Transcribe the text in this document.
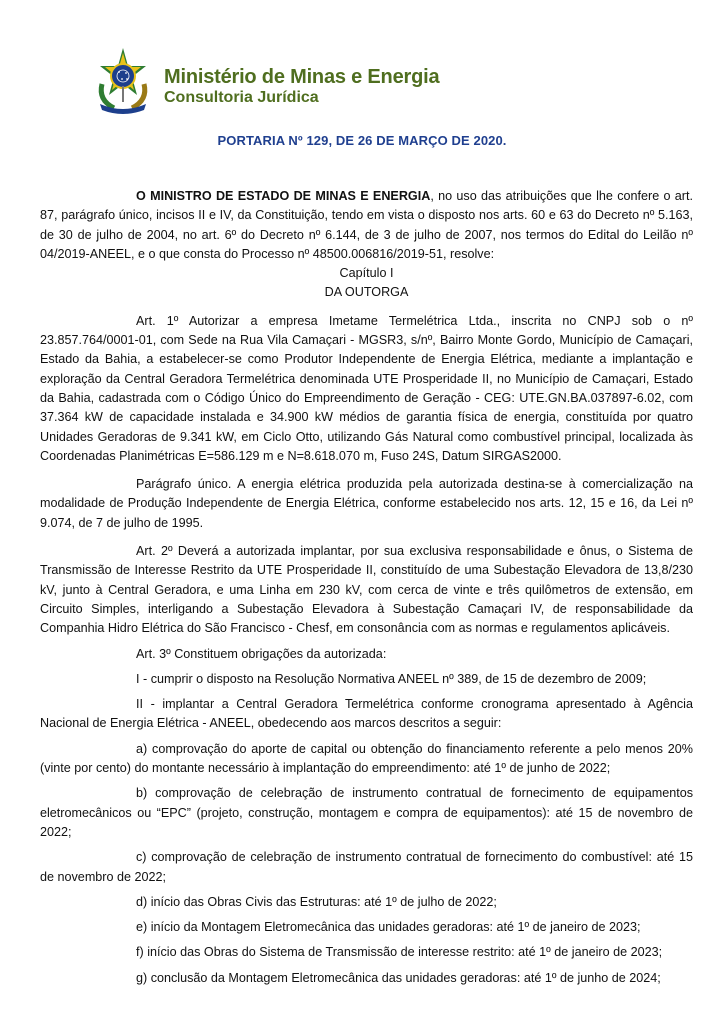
Ministério de Minas e Energia
Consultoria Jurídica
PORTARIA Nº 129, DE 26 DE MARÇO DE 2020.

O MINISTRO DE ESTADO DE MINAS E ENERGIA, no uso das atribuições que lhe confere o art. 87, parágrafo único, incisos II e IV, da Constituição, tendo em vista o disposto nos arts. 60 e 63 do Decreto nº 5.163, de 30 de julho de 2004, no art. 6º do Decreto nº 6.144, de 3 de julho de 2007, nos termos do Edital do Leilão nº 04/2019-ANEEL, e o que consta do Processo nº 48500.006816/2019-51, resolve:

Capítulo I

DA OUTORGA

Art. 1º Autorizar a empresa Imetame Termelétrica Ltda., inscrita no CNPJ sob o nº 23.857.764/0001-01, com Sede na Rua Vila Camaçari - MGSR3, s/nº, Bairro Monte Gordo, Município de Camaçari, Estado da Bahia, a estabelecer-se como Produtor Independente de Energia Elétrica, mediante a implantação e exploração da Central Geradora Termelétrica denominada UTE Prosperidade II, no Município de Camaçari, Estado da Bahia, cadastrada com o Código Único do Empreendimento de Geração - CEG: UTE.GN.BA.037897-6.02, com 37.364 kW de capacidade instalada e 34.900 kW médios de garantia física de energia, constituída por quatro Unidades Geradoras de 9.341 kW, em Ciclo Otto, utilizando Gás Natural como combustível principal, localizada às Coordenadas Planimétricas E=586.129 m e N=8.618.070 m, Fuso 24S, Datum SIRGAS2000.

Parágrafo único. A energia elétrica produzida pela autorizada destina-se à comercialização na modalidade de Produção Independente de Energia Elétrica, conforme estabelecido nos arts. 12, 15 e 16, da Lei nº 9.074, de 7 de julho de 1995.

Art. 2º Deverá a autorizada implantar, por sua exclusiva responsabilidade e ônus, o Sistema de Transmissão de Interesse Restrito da UTE Prosperidade II, constituído de uma Subestação Elevadora de 13,8/230 kV, junto à Central Geradora, e uma Linha em 230 kV, com cerca de vinte e três quilômetros de extensão, em Circuito Simples, interligando a Subestação Elevadora à Subestação Camaçari IV, de responsabilidade da Companhia Hidro Elétrica do São Francisco - Chesf, em consonância com as normas e regulamentos aplicáveis.

Art. 3º Constituem obrigações da autorizada:

I - cumprir o disposto na Resolução Normativa ANEEL nº 389, de 15 de dezembro de 2009;

II - implantar a Central Geradora Termelétrica conforme cronograma apresentado à Agência Nacional de Energia Elétrica - ANEEL, obedecendo aos marcos descritos a seguir:

a) comprovação do aporte de capital ou obtenção do financiamento referente a pelo menos 20% (vinte por cento) do montante necessário à implantação do empreendimento: até 1º de junho de 2022;

b) comprovação de celebração de instrumento contratual de fornecimento de equipamentos eletromecânicos ou “EPC” (projeto, construção, montagem e compra de equipamentos): até 15 de novembro de 2022;

c) comprovação de celebração de instrumento contratual de fornecimento do combustível: até 15 de novembro de 2022;

d) início das Obras Civis das Estruturas: até 1º de julho de 2022;

e) início da Montagem Eletromecânica das unidades geradoras: até 1º de janeiro de 2023;

f) início das Obras do Sistema de Transmissão de interesse restrito: até 1º de janeiro de 2023;

g) conclusão da Montagem Eletromecânica das unidades geradoras: até 1º de junho de 2024;
